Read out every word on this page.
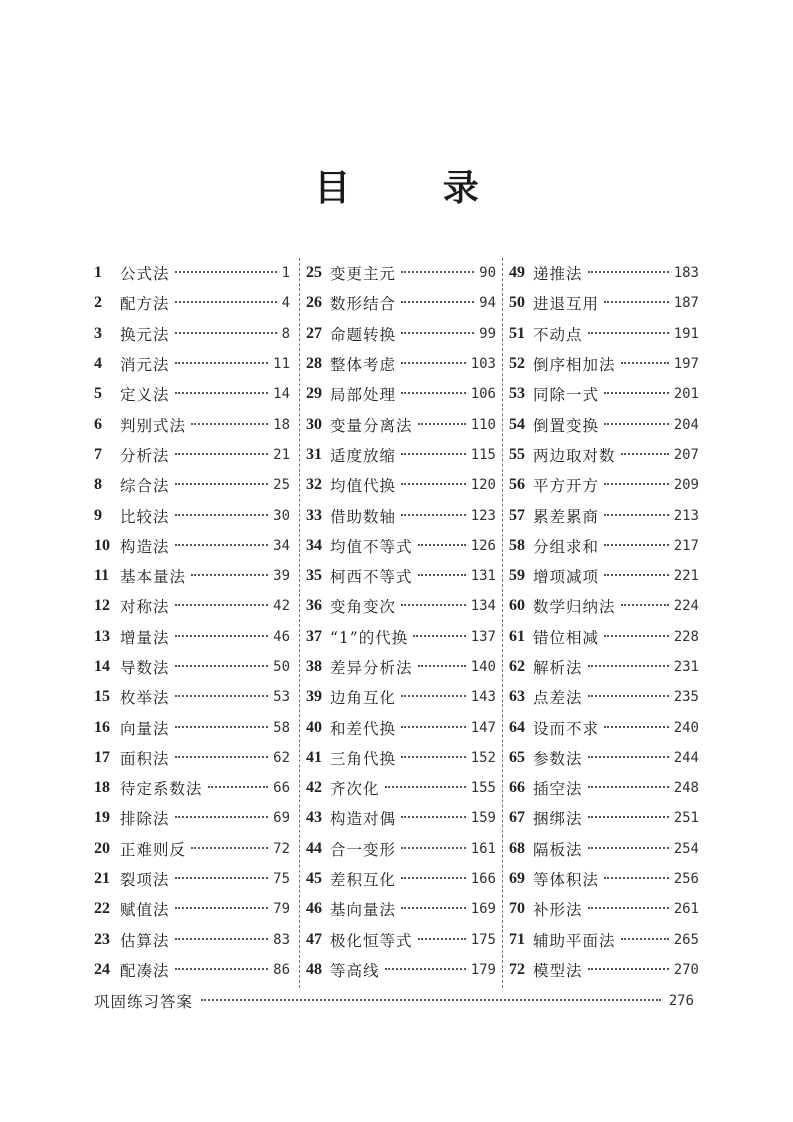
目 录
1	公式法	1
2	配方法	4
3	换元法	8
4	消元法	11
5	定义法	14
6	判别式法	18
7	分析法	21
8	综合法	25
9	比较法	30
10 构造法	34
11 基本量法	39
12 对称法	42
13 增量法	46
14 导数法	50
15 枚举法	53
16 向量法	58
17 面积法	62
18 待定系数法	66
19 排除法	69
20 正难则反	72
21 裂项法	75
22 赋值法	79
23 估算法	83
24 配凑法	86
25 变更主元	90
26 数形结合	94
27 命题转换	99
28 整体考虑	103
29 局部处理	106
30 变量分离法	110
31 适度放缩	115
32 均值代换	120
33 借助数轴	123
34 均值不等式	126
35 柯西不等式	131
36 变角变次	134
37 “1”的代换	137
38 差异分析法	140
39 边角互化	143
40 和差代换	147
41 三角代换	152
42 齐次化	155
43 构造对偶	159
44 合一变形	161
45 差积互化	166
46 基向量法	169
47 极化恒等式	175
48 等高线	179
49 递推法	183
50 进退互用	187
51 不动点	191
52 倒序相加法	197
53 同除一式	201
54 倒置变换	204
55 两边取对数	207
56 平方开方	209
57 累差累商	213
58 分组求和	217
59 增项减项	221
60 数学归纳法	224
61 错位相减	228
62 解析法	231
63 点差法	235
64 设而不求	240
65 参数法	244
66 插空法	248
67 捆绑法	251
68 隔板法	254
69 等体积法	256
70 补形法	261
71 辅助平面法	265
72 模型法	270
巩固练习答案	276
